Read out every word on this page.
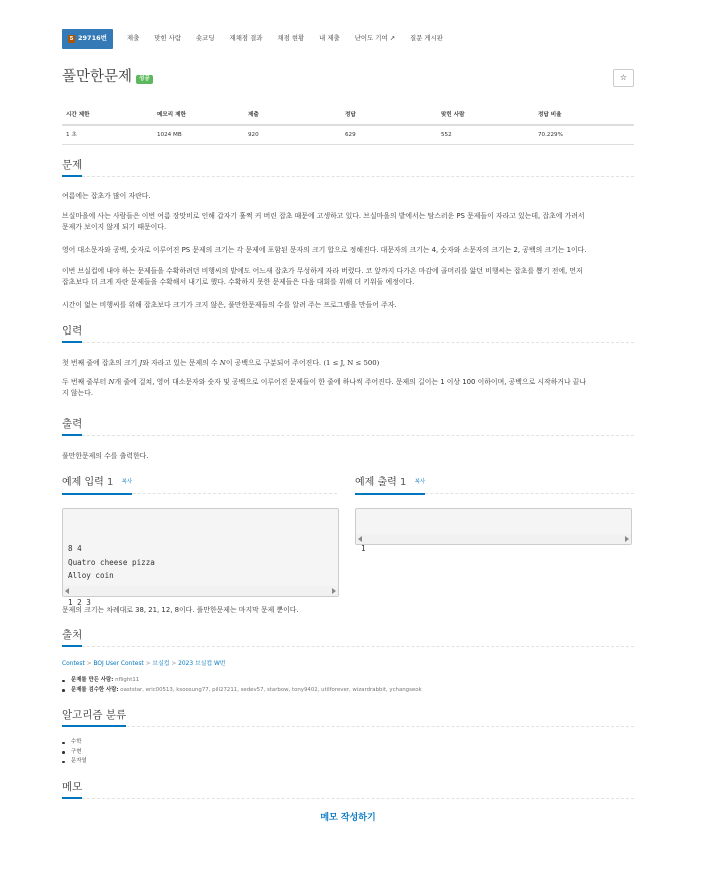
5 29716번	제출 맞힌 사람 숏코딩 재채점 결과 채점 현황 내 제출 난이도 기여 ↗ 질문 게시판
풀만한문제	성공	☆
시간 제한	메모리 제한	제출	정답	맞힌 사람	정답 비율
1 초	1024 MB	920	629	552	70.229%
문제
여름에는 잡초가 많이 자란다.
브실마을에 사는 사람들은 이번 여름 장맛비로 인해 갑자기 훌쩍 커 버린 잡초 때문에 고생하고 있다. 브실마을의 밭에서는 탐스러운 PS 문제들이 자라고 있는데, 잡초에 가려서
문제가 보이지 않게 되기 때문이다.
영어 대소문자와 공백, 숫자로 이루어진 PS 문제의 크기는 각 문제에 포함된 문자의 크기 합으로 정해진다. 대문자의 크기는 4, 숫자와 소문자의 크기는 2, 공백의 크기는 1이다.
이번 브실컵에 내야 하는 문제들을 수확하려던 비행씨의 밭에도 어느새 잡초가 무성하게 자라 버렸다. 코 앞까지 다가온 마감에 골머리를 앓던 비행씨는 잡초를 뽑기 전에, 먼저
잡초보다 더 크게 자란 문제들을 수확해서 내기로 했다. 수확하지 못한 문제들은 다음 대회를 위해 더 키워둘 예정이다.
시간이 없는 비행씨를 위해 잡초보다 크기가 크지 않은, 풀만한문제들의 수를 알려 주는 프로그램을 만들어 주자.
입력
첫 번째 줄에 잡초의 크기 J와 자라고 있는 문제의 수 N이 공백으로 구분되어 주어진다. (1 ≤ J, N ≤ 500)
두 번째 줄부터 N개 줄에 걸쳐, 영어 대소문자와 숫자 및 공백으로 이루어진 문제들이 한 줄에 하나씩 주어진다. 문제의 길이는 1 이상 100 이하이며, 공백으로 시작하거나 끝나
지 않는다.
출력
풀만한문제의 수를 출력한다.
예제 입력 1 $^{복사}$	예제 출력 1 $^{복사}$

8 4
Quatro cheese pizza
Alloy coin

문제의 크기는 차례대로 38, 21, 12, 8이다. 풀만한문제는 마지막 문제 뿐이다.
출처
Contest > BOJ User Contest > 브실컵 > 2023 브실컵 W번
문제를 만든 사람: nflight11
문제를 검수한 사람: oaststar, eric00513, ksoosung77, pill27211, sedev57, starbow, tony9402, utilforever, wizardrabbit, ychangseok
알고리즘 분류
수학
구현
문자열
메모
메모 작성하기
